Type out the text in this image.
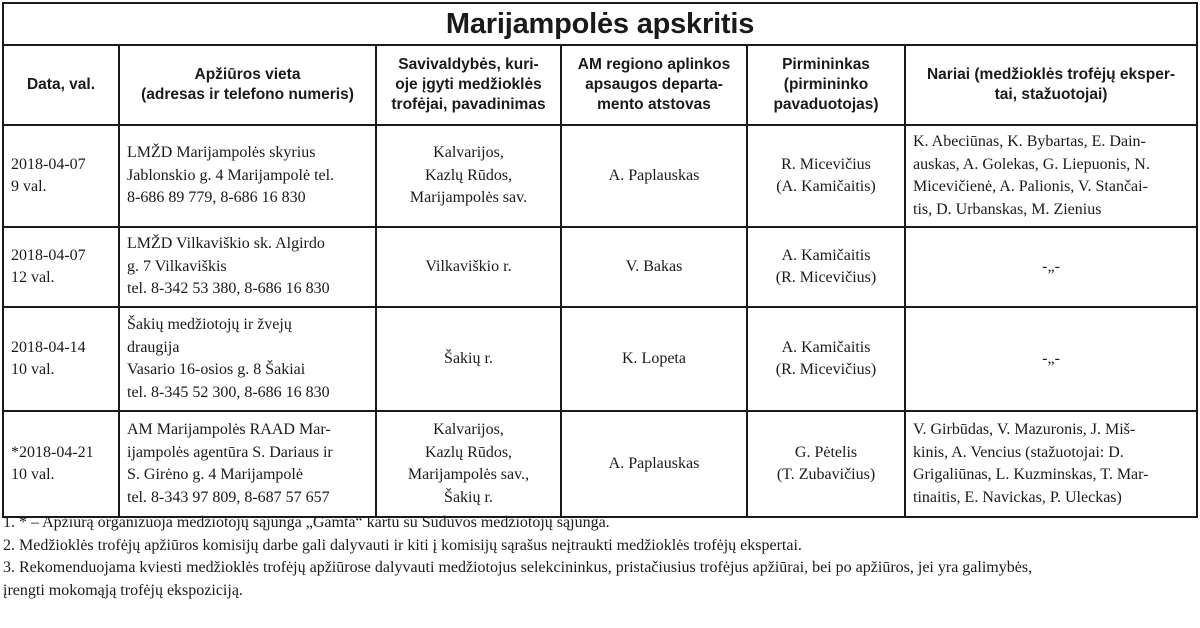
Marijampolės apskritis					

Data, val.	Apžiūros vieta
(adresas ir telefono numeris)	Savivaldybės, kuri-
oje įgyti medžioklės
trofėjai, pavadinimas	AM regiono aplinkos
apsaugos departa-
mento atstovas	Pirmininkas
(pirmininko
pavaduotojas)	Nariai (medžioklės trofėjų eksper-
tai, stažuotojai)

2018-04-07
9 val.	LMŽD Marijampolės skyrius
Jablonskio g. 4 Marijampolė tel.
8-686 89 779, 8-686 16 830	Kalvarijos,
Kazlų Rūdos,
Marijampolės sav.	A. Paplauskas	R. Micevičius
(A. Kamičaitis)	K. Abeciūnas, K. Bybartas, E. Dain-
auskas, A. Golekas, G. Liepuonis, N.
Micevičienė, A. Palionis, V. Stančai-
tis, D. Urbanskas, M. Zienius

2018-04-07
12 val.	LMŽD Vilkaviškio sk. Algirdo
g. 7 Vilkaviškis
tel. 8-342 53 380, 8-686 16 830	Vilkaviškio r.	V. Bakas	A. Kamičaitis
(R. Micevičius)	-„-

2018-04-14
10 val.	Šakių medžiotojų ir žvejų
draugija
Vasario 16-osios g. 8 Šakiai
tel. 8-345 52 300, 8-686 16 830	Šakių r.	K. Lopeta	A. Kamičaitis
(R. Micevičius)	-„-

*2018-04-21
10 val.	AM Marijampolės RAAD Mar-
ijampolės agentūra S. Dariaus ir
S. Girėno g. 4 Marijampolė
tel. 8-343 97 809, 8-687 57 657	Kalvarijos,
Kazlų Rūdos,
Marijampolės sav.,
Šakių r.	A. Paplauskas	G. Pėtelis
(T. Zubavičius)	V. Girbūdas, V. Mazuronis, J. Miš-
kinis, A. Vencius (stažuotojai: D.
Grigaliūnas, L. Kuzminskas, T. Mar-
tinaitis, E. Navickas, P. Uleckas)
1. * – Apžiūrą organizuoja medžiotojų sąjunga „Gamta“ kartu su Sūduvos medžiotojų sąjunga.
2. Medžioklės trofėjų apžiūros komisijų darbe gali dalyvauti ir kiti į komisijų sąrašus neįtraukti medžioklės trofėjų ekspertai.
3. Rekomenduojama kviesti medžioklės trofėjų apžiūrose dalyvauti medžiotojus selekcininkus, pristačiusius trofėjus apžiūrai, bei po apžiūros, jei yra galimybės,
įrengti mokomąją trofėjų ekspoziciją.
